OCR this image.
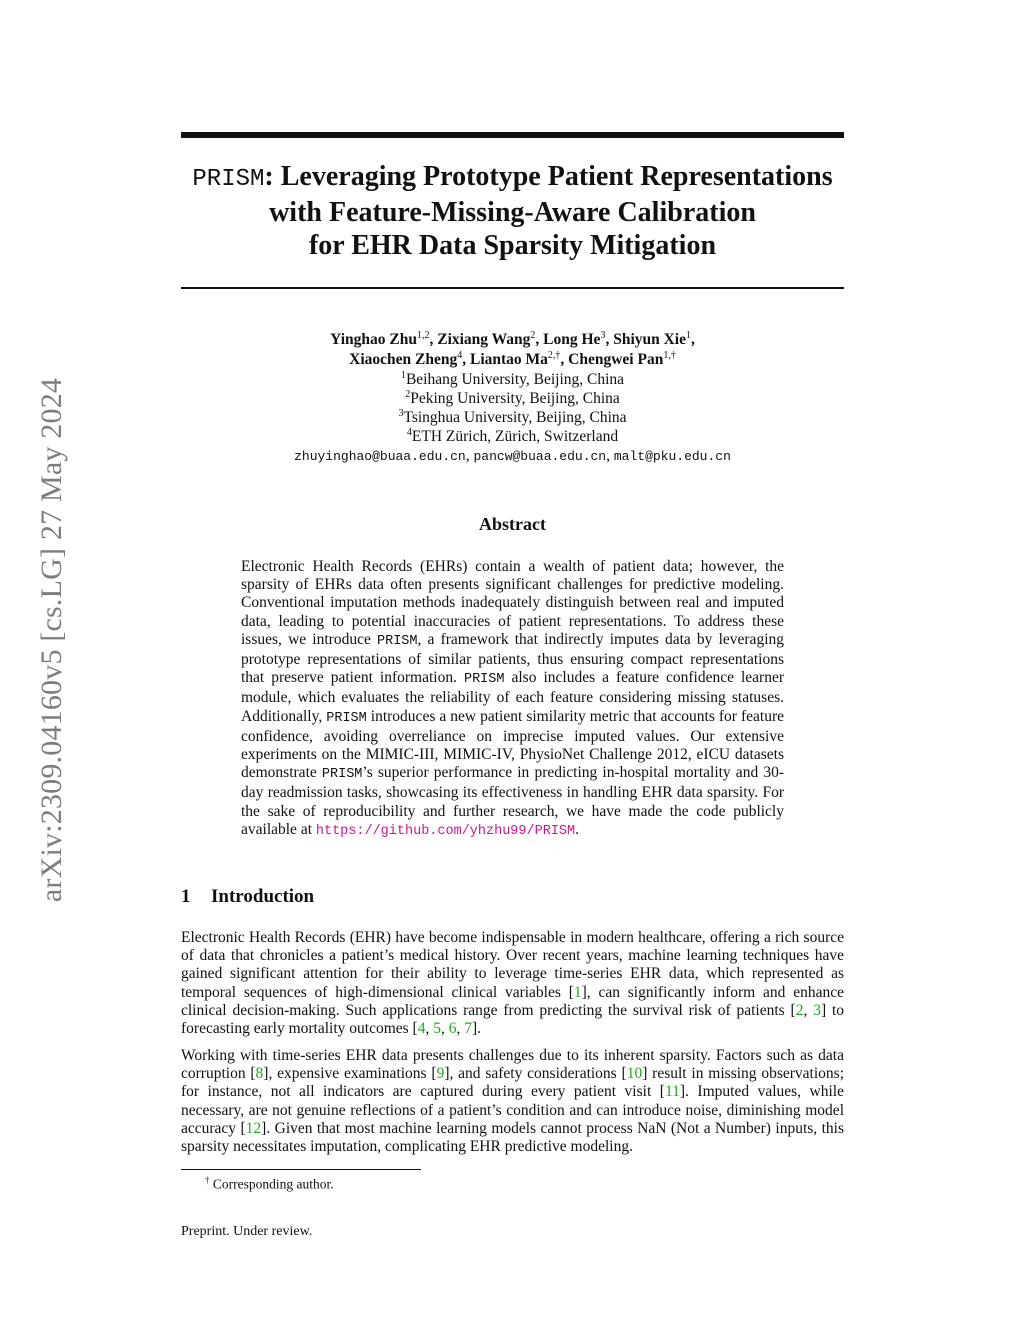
arXiv:2309.04160v5 [cs.LG] 27 May 2024
PRISM: Leveraging Prototype Patient Representations
with Feature-Missing-Aware Calibration
for EHR Data Sparsity Mitigation
Yinghao Zhu$^{1,2}$, Zixiang Wang$^2$, Long He$^3$, Shiyun Xie$^1$,
Xiaochen Zheng$^4$, Liantao $Ma^{2,\dagger}$, Chengwei Pan$^{1,\dagger}$
$^1$Beihang University, Beijing, China
$^2$Peking University, Beijing, China
$^3$Tsinghua University, Beijing, China
$^4$ETH Zürich, Zürich, Switzerland
zhuyinghao@buaa.edu.cn, pancw@buaa.edu.cn, malt@pku.edu.cn
Abstract
Electronic Health Records (EHRs) contain a wealth of patient data; however, the sparsity of EHRs data often presents significant challenges for predictive modeling. Conventional imputation methods inadequately distinguish between real and imputed data, leading to potential inaccuracies of patient representations. To address these issues, we introduce PRISM, a framework that indirectly imputes data by leveraging prototype representations of similar patients, thus ensuring compact representations that preserve patient information. PRISM also includes a feature confidence learner module, which evaluates the reliability of each feature considering missing statuses. Additionally, PRISM introduces a new patient similarity metric that accounts for feature confidence, avoiding overreliance on imprecise imputed values. Our extensive experiments on the MIMIC-III, MIMIC-IV, PhysioNet Challenge 2012, eICU datasets demonstrate PRISM’s superior performance in predicting in-hospital mortality and 30-day readmission tasks, showcasing its effectiveness in handling EHR data sparsity. For the sake of reproducibility and further research, we have made the code publicly available at https://github.com/yhzhu99/PRISM.
1 Introduction
Electronic Health Records (EHR) have become indispensable in modern healthcare, offering a rich source of data that chronicles a patient’s medical history. Over recent years, machine learning techniques have gained significant attention for their ability to leverage time-series EHR data, which represented as temporal sequences of high-dimensional clinical variables [1], can significantly inform and enhance clinical decision-making. Such applications range from predicting the survival risk of patients [2, 3] to forecasting early mortality outcomes [4, 5, 6, 7].
Working with time-series EHR data presents challenges due to its inherent sparsity. Factors such as data corruption [8], expensive examinations [9], and safety considerations [10] result in missing observations; for instance, not all indicators are captured during every patient visit [11]. Imputed values, while necessary, are not genuine reflections of a patient’s condition and can introduce noise, diminishing model accuracy [12]. Given that most machine learning models cannot process NaN (Not a Number) inputs, this sparsity necessitates imputation, complicating EHR predictive modeling.
† Corresponding author.
Preprint. Under review.
